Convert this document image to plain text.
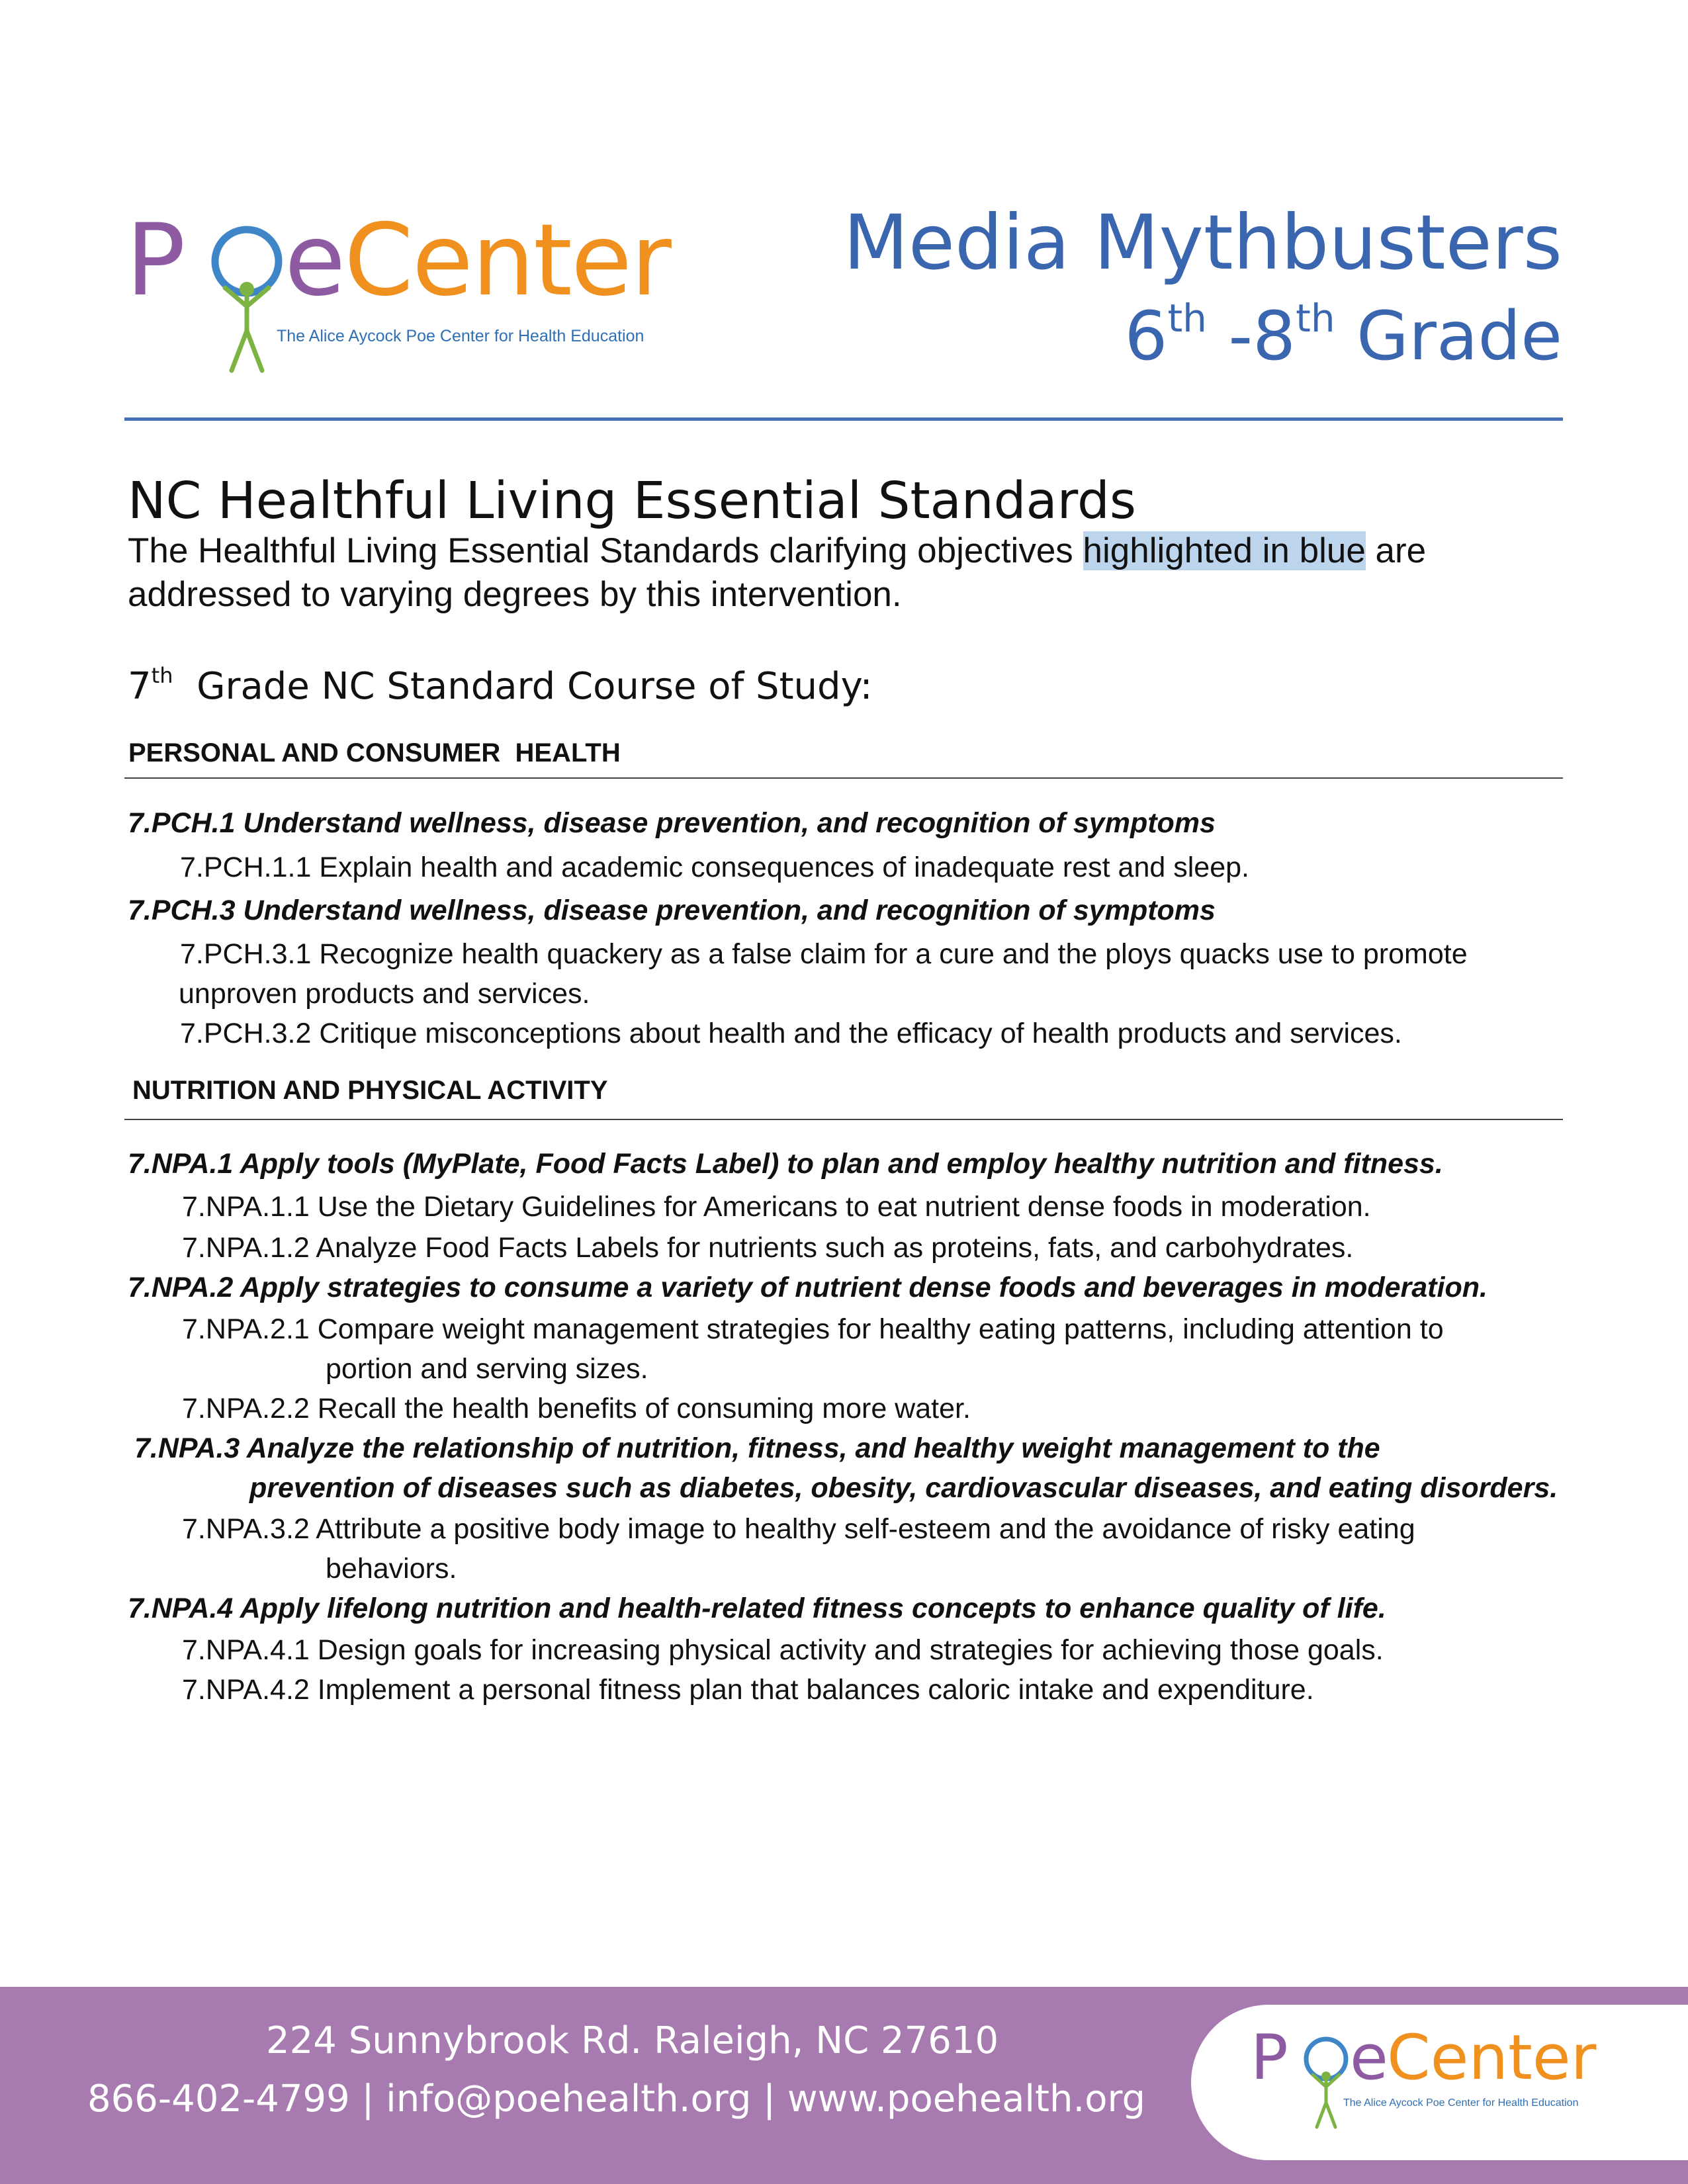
P e Center
The Alice Aycock Poe Center for Health Education
Media Mythbusters
6th -8th Grade
NC Healthful Living Essential Standards
The Healthful Living Essential Standards clarifying objectives highlighted in blue are addressed to varying degrees by this intervention.
7th  Grade NC Standard Course of Study:
PERSONAL AND CONSUMER  HEALTH
7.PCH.1 Understand wellness, disease prevention, and recognition of symptoms
7.PCH.1.1 Explain health and academic consequences of inadequate rest and sleep.
7.PCH.3 Understand wellness, disease prevention, and recognition of symptoms
7.PCH.3.1 Recognize health quackery as a false claim for a cure and the ploys quacks use to promote
unproven products and services.
7.PCH.3.2 Critique misconceptions about health and the efficacy of health products and services.
NUTRITION AND PHYSICAL ACTIVITY
7.NPA.1 Apply tools (MyPlate, Food Facts Label) to plan and employ healthy nutrition and fitness.
7.NPA.1.1 Use the Dietary Guidelines for Americans to eat nutrient dense foods in moderation.
7.NPA.1.2 Analyze Food Facts Labels for nutrients such as proteins, fats, and carbohydrates.
7.NPA.2 Apply strategies to consume a variety of nutrient dense foods and beverages in moderation.
7.NPA.2.1 Compare weight management strategies for healthy eating patterns, including attention to
portion and serving sizes.
7.NPA.2.2 Recall the health benefits of consuming more water.
7.NPA.3 Analyze the relationship of nutrition, fitness, and healthy weight management to the
prevention of diseases such as diabetes, obesity, cardiovascular diseases, and eating disorders.
7.NPA.3.2 Attribute a positive body image to healthy self-esteem and the avoidance of risky eating
behaviors.
7.NPA.4 Apply lifelong nutrition and health-related fitness concepts to enhance quality of life.
7.NPA.4.1 Design goals for increasing physical activity and strategies for achieving those goals.
7.NPA.4.2 Implement a personal fitness plan that balances caloric intake and expenditure.
224 Sunnybrook Rd. Raleigh, NC 27610
866-402-4799 | info@poehealth.org | www.poehealth.org
P e
Center
The Alice Aycock Poe Center for Health Education
